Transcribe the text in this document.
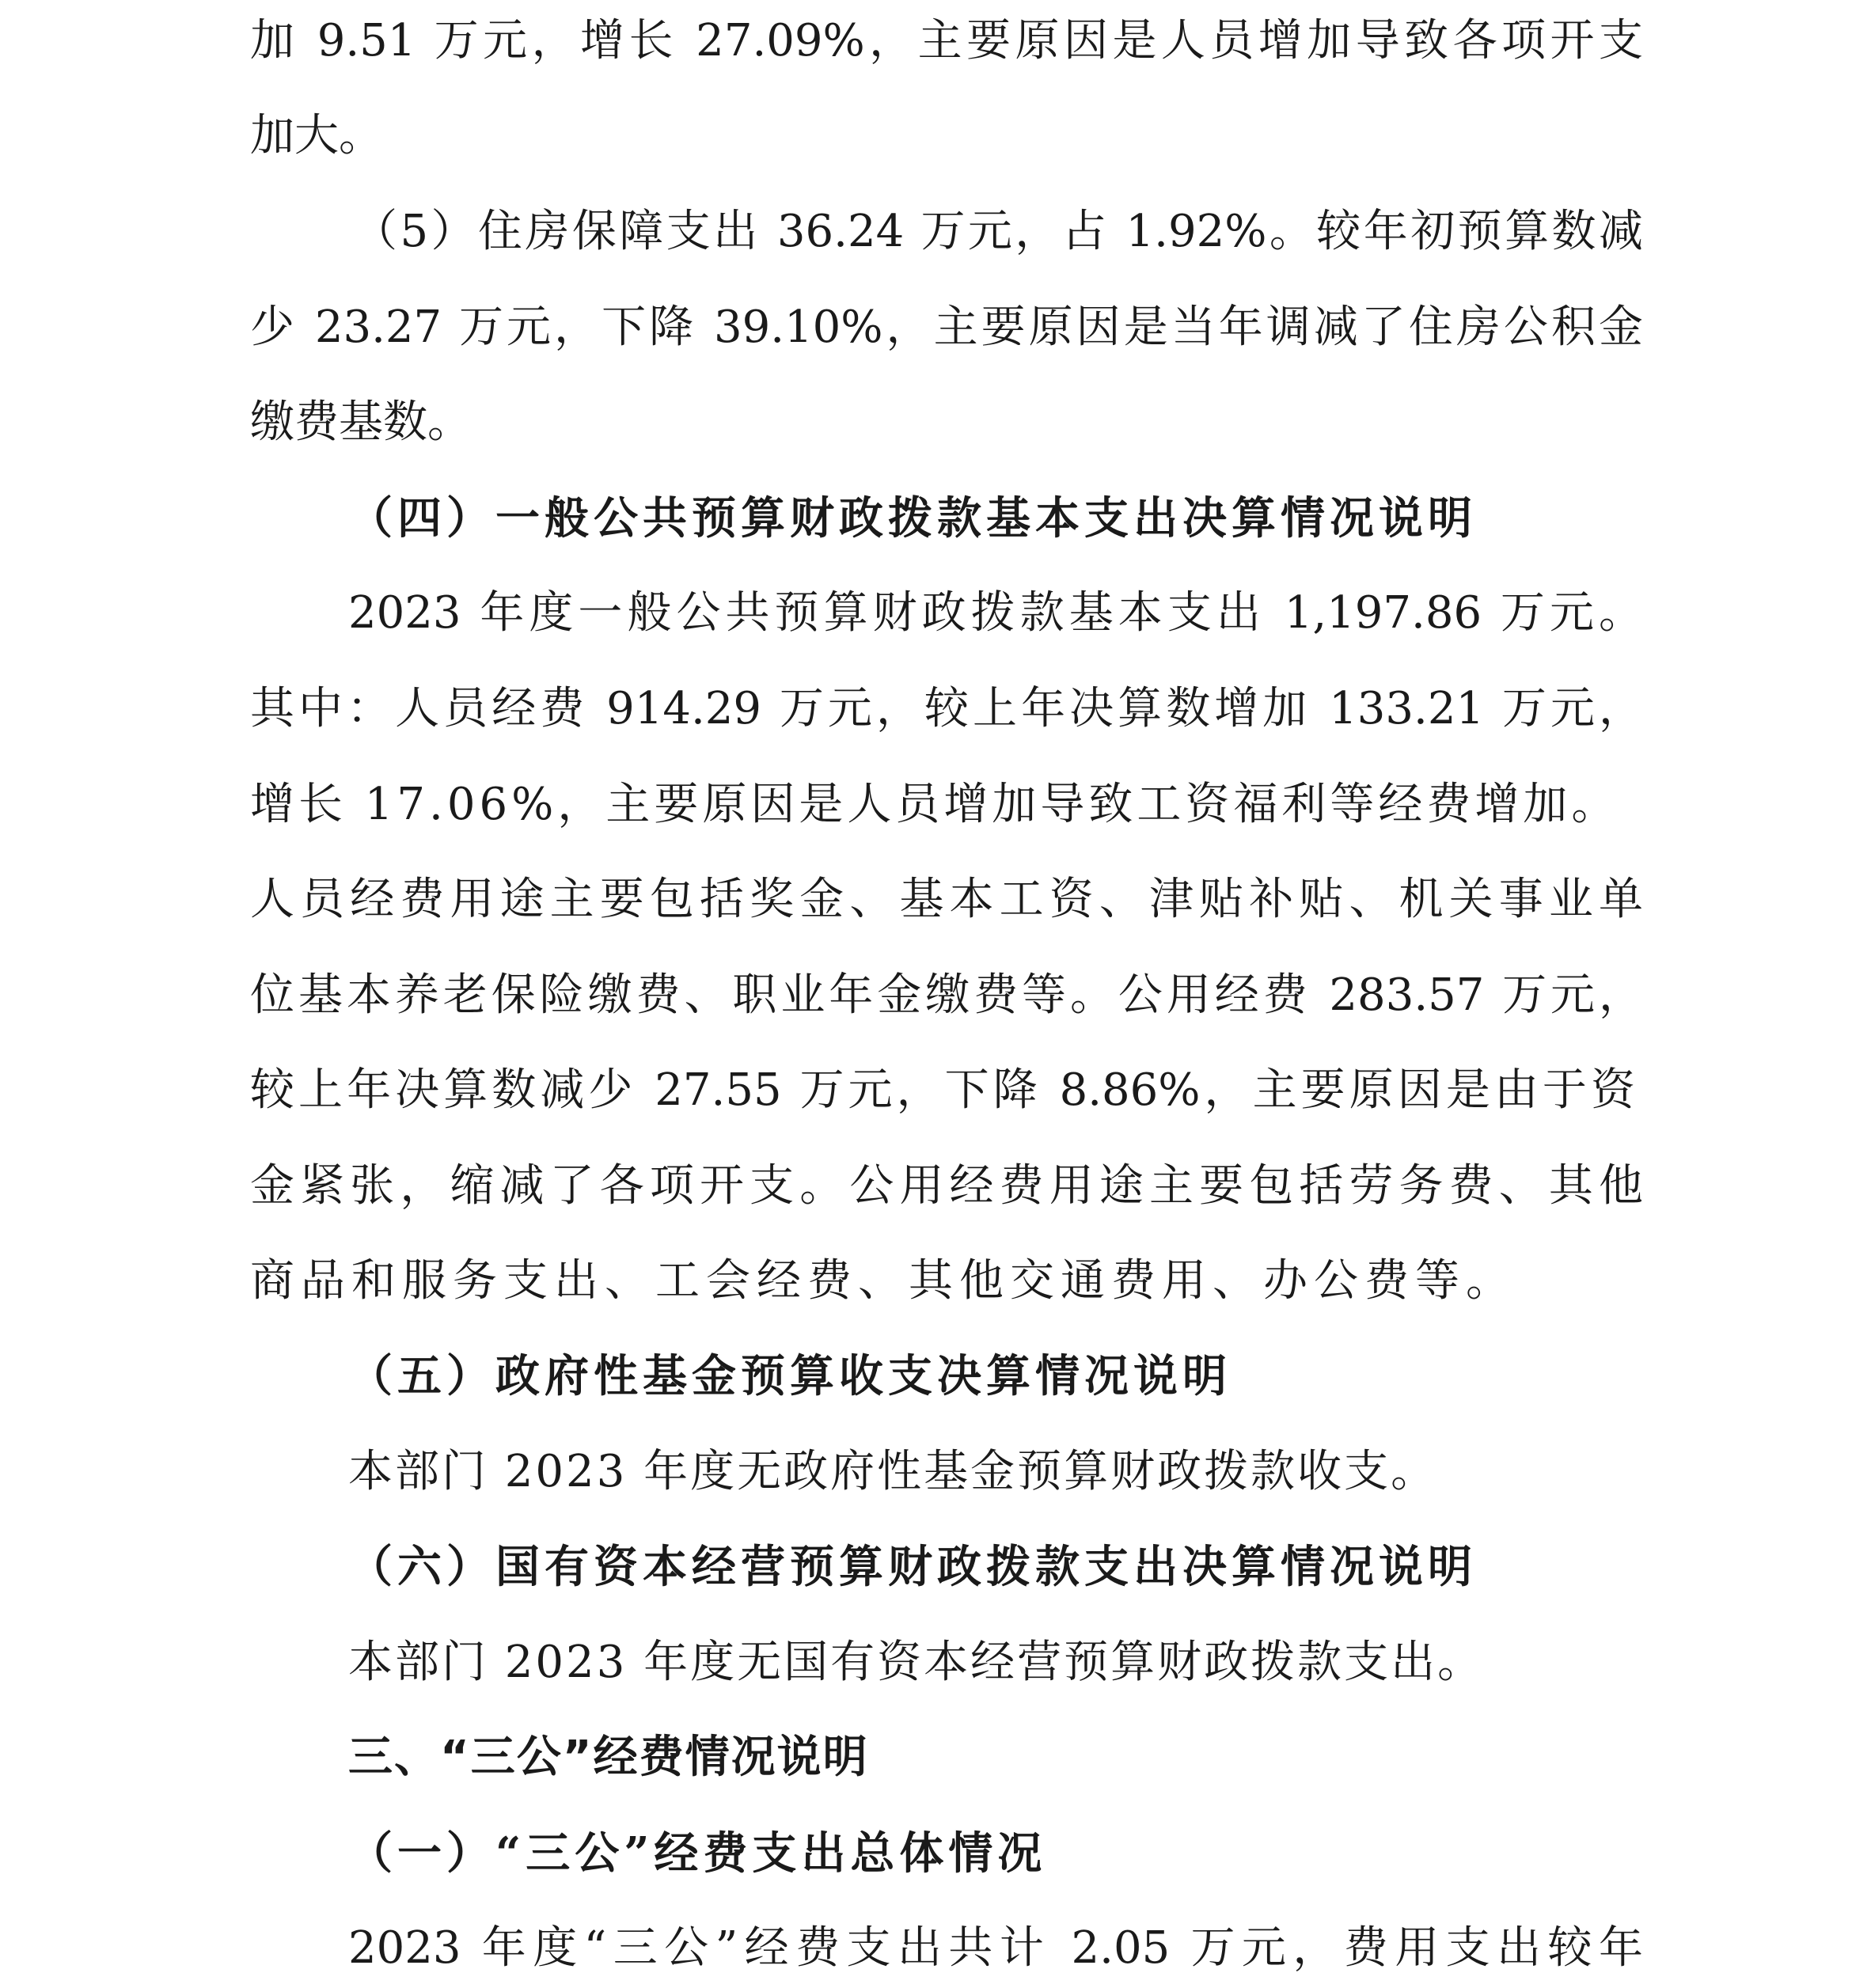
加 9.51 万元，增长 27.09%，主要原因是人员增加导致各项开支
加大。
（5）住房保障支出 36.24 万元，占 1.92%。较年初预算数减
少 23.27 万元，下降 39.10%，主要原因是当年调减了住房公积金
缴费基数。
（四）一般公共预算财政拨款基本支出决算情况说明
2023 年度一般公共预算财政拨款基本支出 1,197.86 万元。
其中：人员经费 914.29 万元，较上年决算数增加 133.21 万元，
增长 17.06%，主要原因是人员增加导致工资福利等经费增加。
人员经费用途主要包括奖金、基本工资、津贴补贴、机关事业单
位基本养老保险缴费、职业年金缴费等。公用经费 283.57 万元，
较上年决算数减少 27.55 万元，下降 8.86%，主要原因是由于资
金紧张，缩减了各项开支。公用经费用途主要包括劳务费、其他
商品和服务支出、工会经费、其他交通费用、办公费等。
（五）政府性基金预算收支决算情况说明
本部门 2023 年度无政府性基金预算财政拨款收支。
（六）国有资本经营预算财政拨款支出决算情况说明
本部门 2023 年度无国有资本经营预算财政拨款支出。
三、“三公”经费情况说明
（一）“三公”经费支出总体情况
2023 年度“三公”经费支出共计 2.05 万元，费用支出较年
